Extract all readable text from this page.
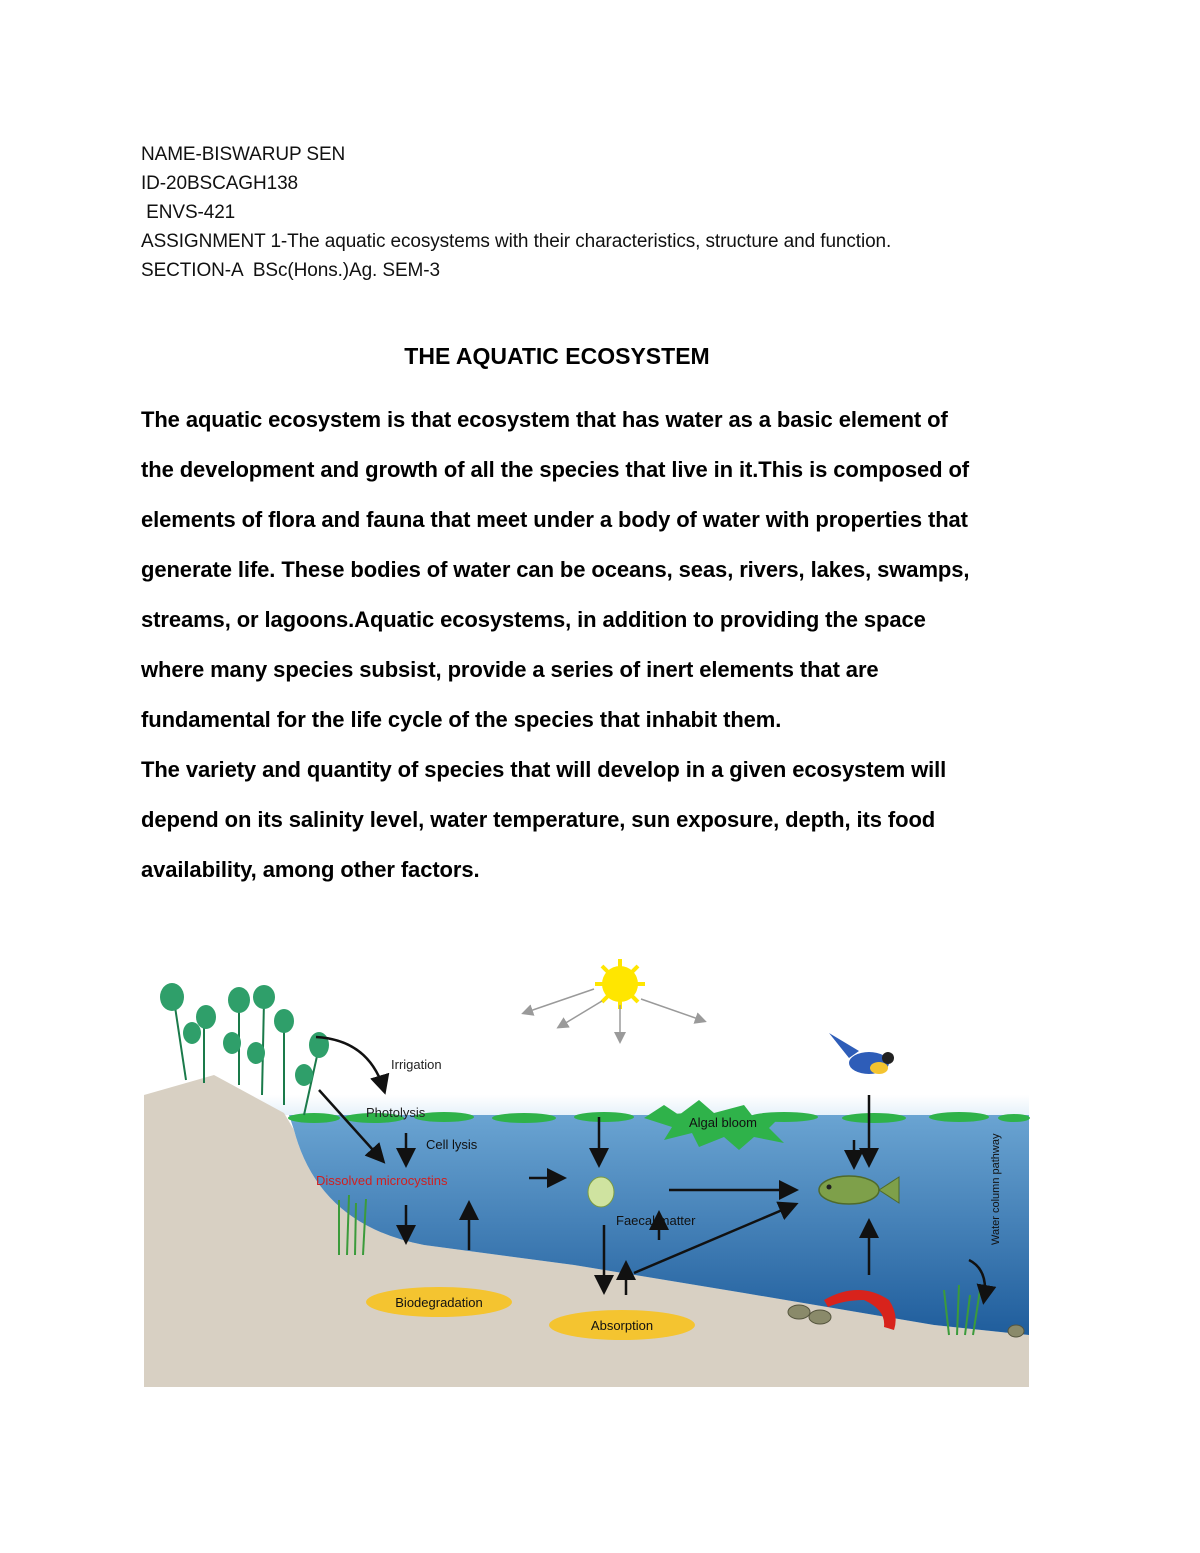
NAME-BISWARUP SEN
ID-20BSCAGH138
ENVS-421
ASSIGNMENT 1-The aquatic ecosystems with their characteristics, structure and function.
SECTION-A  BSc(Hons.)Ag. SEM-3
THE AQUATIC ECOSYSTEM
The aquatic ecosystem is that ecosystem that has water as a basic element of
the development and growth of all the species that live in it.This is composed of
elements of flora and fauna that meet under a body of water with properties that
generate life. These bodies of water can be oceans, seas, rivers, lakes, swamps,
streams, or lagoons.Aquatic ecosystems, in addition to providing the space
where many species subsist, provide a series of inert elements that are
fundamental for the life cycle of the species that inhabit them.
The variety and quantity of species that will develop in a given ecosystem will
depend on its salinity level, water temperature, sun exposure, depth, its food
availability, among other factors.
Irrigation
Photolysis
Cell lysis
Dissolved microcystins
Algal bloom
Faecal matter
Biodegradation
Absorption
Water column pathway
